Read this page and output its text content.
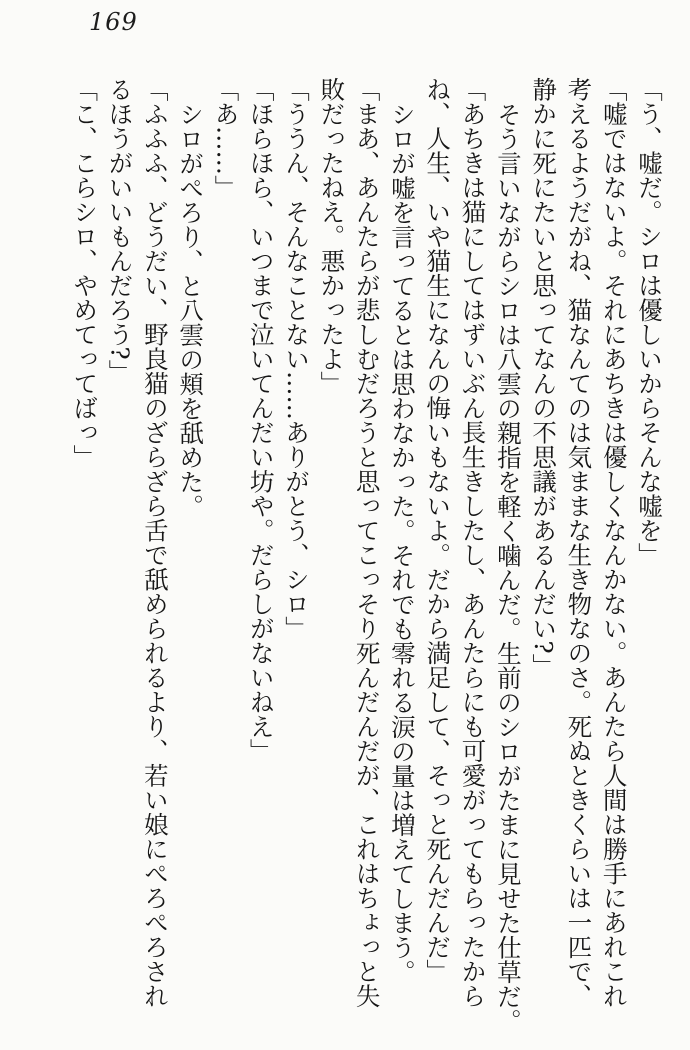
169

「う、嘘だ。シロは優しいからそんな嘘を」

「嘘ではないよ。それにあちきは優しくなんかない。あんたら人間は勝手にあれこれ

考えるようだがね、猫なんてのは気ままな生き物なのさ。死ぬときくらいは一匹で、

静かに死にたいと思ってなんの不思議があるんだい?」

そう言いながらシロは八雲の親指を軽く噛んだ。生前のシロがたまに見せた仕草だ。

「あちきは猫にしてはずいぶん長生きしたし、あんたらにも可愛がってもらったから

ね、人生、いや猫生になんの悔いもないよ。だから満足して、そっと死んだんだ」

シロが嘘を言ってるとは思わなかった。それでも零れる涙の量は増えてしまう。

「まあ、あんたらが悲しむだろうと思ってこっそり死んだんだが、これはちょっと失

敗だったねえ。悪かったよ」

「ううん、そんなことない……ありがとう、シロ」

「ほらほら、いつまで泣いてんだい坊や。だらしがないねえ」

「あ……」

シロがぺろり、と八雲の頬を舐めた。

「ふふふ、どうだい、野良猫のざらざら舌で舐められるより、若い娘にぺろぺろされ

るほうがいいもんだろう?」

「こ、こらシロ、やめてってばっ」
